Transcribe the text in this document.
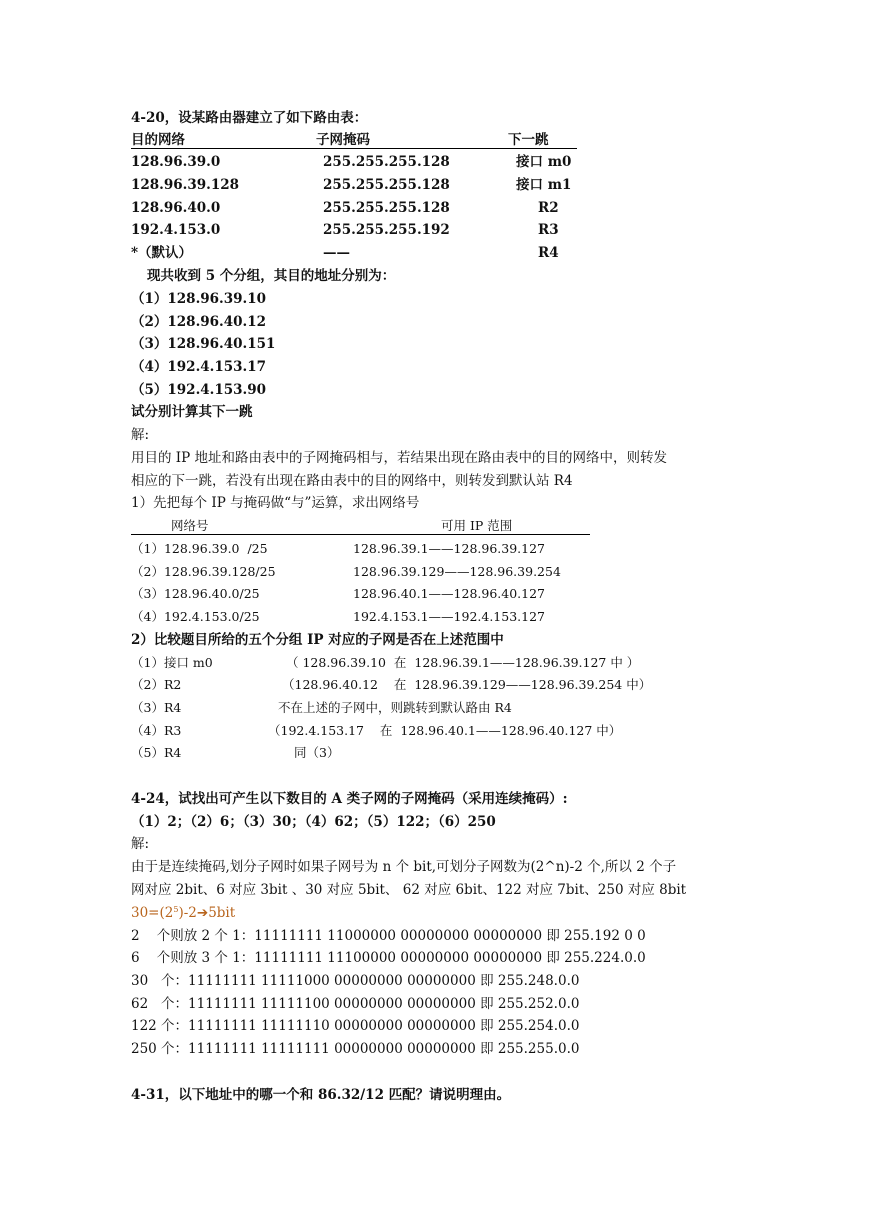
4-20，设某路由器建立了如下路由表：
目的网络	子网掩码	下一跳
128.96.39.0	255.255.255.128	接口 m0
128.96.39.128	255.255.255.128	接口 m1
128.96.40.0	255.255.255.128	R2
192.4.153.0	255.255.255.192	R3
*（默认）	——	R4
现共收到 5 个分组，其目的地址分别为：
（1）128.96.39.10
（2）128.96.40.12
（3）128.96.40.151
（4）192.4.153.17
（5）192.4.153.90
试分别计算其下一跳
解:
用目的 IP 地址和路由表中的子网掩码相与，若结果出现在路由表中的目的网络中，则转发
相应的下一跳，若没有出现在路由表中的目的网络中，则转发到默认站 R4
1）先把每个 IP 与掩码做“与”运算，求出网络号
网络号	可用 IP 范围
（1）128.96.39.0  /25	128.96.39.1——128.96.39.127
（2）128.96.39.128/25	128.96.39.129——128.96.39.254
（3）128.96.40.0/25	128.96.40.1——128.96.40.127
（4）192.4.153.0/25	192.4.153.1——192.4.153.127
2）比较题目所给的五个分组 IP 对应的子网是否在上述范围中
（1）接口 m0	（ 128.96.39.10  在  128.96.39.1——128.96.39.127 中 ）
（2）R2	（128.96.40.12    在  128.96.39.129——128.96.39.254 中）
（3）R4	不在上述的子网中，则跳转到默认路由 R4
（4）R3	（192.4.153.17    在  128.96.40.1——128.96.40.127 中）
（5）R4	同（3）
4-24，试找出可产生以下数目的 A 类子网的子网掩码（采用连续掩码）:
（1）2；（2）6；（3）30；（4）62；（5）122；（6）250
解:
由于是连续掩码,划分子网时如果子网号为 n 个 bit,可划分子网数为(2^n)-2 个,所以 2 个子
网对应 2bit、6 对应 3bit 、30 对应 5bit、 62 对应 6bit、122 对应 7bit、250 对应 8bit
$30=(2^5)-2➔5bit$
2    个则放 2 个 1：11111111 11000000 00000000 00000000 即 255.192 0 0
6    个则放 3 个 1：11111111 11100000 00000000 00000000 即 255.224.0.0
30   个：11111111 11111000 00000000 00000000 即 255.248.0.0
62   个：11111111 11111100 00000000 00000000 即 255.252.0.0
122 个：11111111 11111110 00000000 00000000 即 255.254.0.0
250 个：11111111 11111111 00000000 00000000 即 255.255.0.0
4-31，以下地址中的哪一个和 86.32/12 匹配？请说明理由。
